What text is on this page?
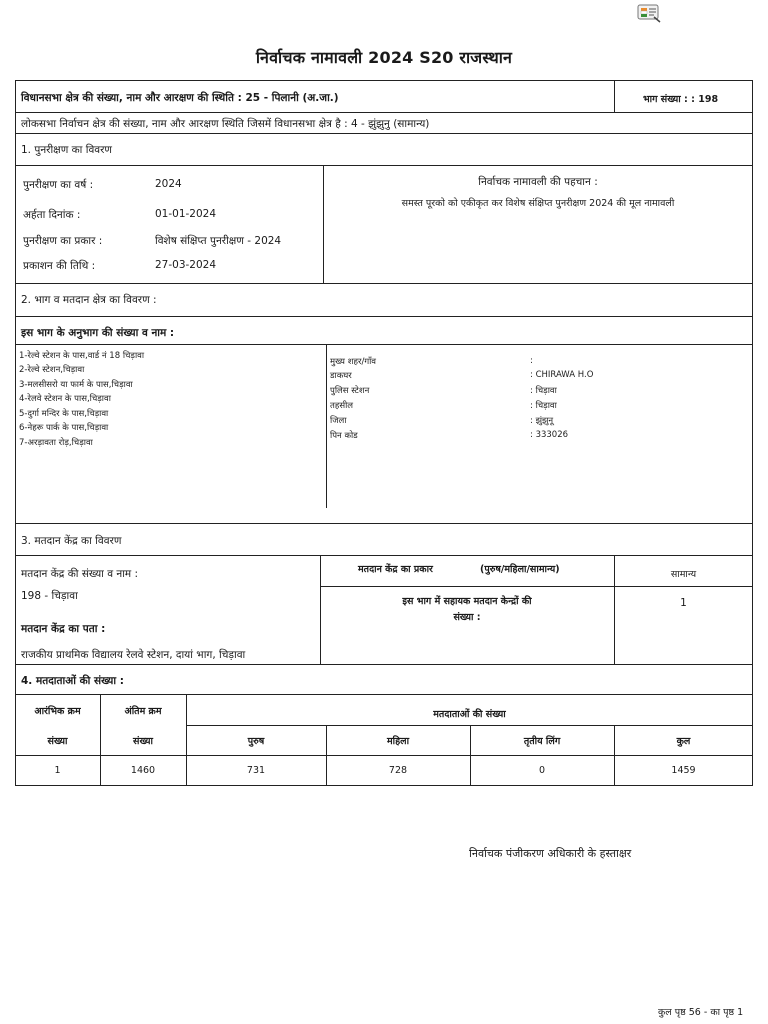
निर्वाचक नामावली 2024 S20 राजस्थान
विधानसभा क्षेत्र की संख्या, नाम और आरक्षण की स्थिति : 25 - पिलानी (अ.जा.)	भाग संख्या : : 198
लोकसभा निर्वाचन क्षेत्र की संख्या, नाम और आरक्षण स्थिति जिसमें विधानसभा क्षेत्र है : 4 - झुंझुनु (सामान्य)
1. पुनरीक्षण का विवरण
पुनरीक्षण का वर्ष :	2024
अर्हता दिनांक :	01-01-2024
पुनरीक्षण का प्रकार :	विशेष संक्षिप्त पुनरीक्षण - 2024
प्रकाशन की तिथि :	27-03-2024
निर्वाचक नामावली की पहचान :
समस्त पूरको को एकीकृत कर विशेष संक्षिप्त पुनरीक्षण 2024 की मूल नामावली
2. भाग व मतदान क्षेत्र का विवरण :
इस भाग के अनुभाग की संख्या व नाम :
1-रेल्वे स्टेशन के पास,वार्ड नं 18 चिड़ावा
2-रेल्वे स्टेशन,चिड़ावा
3-मलसीसरो या फार्म के पास,चिड़ावा
4-रेलवे स्टेशन के पास,चिड़ावा
5-दुर्गा मन्दिर के पास,चिड़ावा
6-नेहरू पार्क के पास,चिड़ावा
7-अरड़ावता रोड़,चिड़ावा
मुख्य शहर/गाँव	:
डाकघर	: CHIRAWA H.O
पुलिस स्टेशन	: चिड़ावा
तहसील	: चिड़ावा
जिला	: झुंझुनू
पिन कोड	: 333026
3. मतदान केंद्र का विवरण
मतदान केंद्र की संख्या व नाम :
198 - चिड़ावा
मतदान केंद्र का पता :
राजकीय प्राथमिक विद्यालय रेलवे स्टेशन, दायां भाग, चिड़ावा
मतदान केंद्र का प्रकार	(पुरुष/महिला/सामान्य)	सामान्य
इस भाग में सहायक मतदान केन्द्रों की
संख्या :
1
4. मतदाताओं की संख्या :
आरंभिक क्रम
संख्या
अंतिम क्रम
संख्या
मतदाताओं की संख्या
पुरुष	महिला	तृतीय लिंग	कुल
1	1460	731	728	0	1459
निर्वाचक पंजीकरण अधिकारी के हस्ताक्षर
कुल पृष्ठ 56 - का पृष्ठ 1
